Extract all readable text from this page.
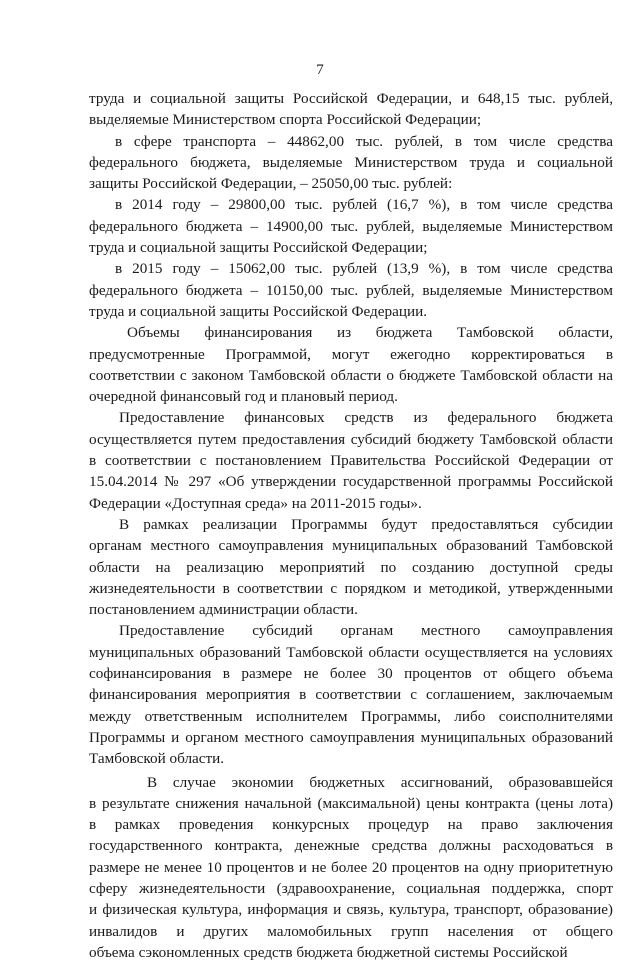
7
труда и социальной защиты Российской Федерации, и 648,15 тыс. рублей,
выделяемые Министерством спорта Российской Федерации;
в сфере транспорта – 44862,00 тыс. рублей, в том числе средства
федерального бюджета, выделяемые Министерством труда и социальной
защиты Российской Федерации, – 25050,00 тыс. рублей:
в 2014 году – 29800,00 тыс. рублей (16,7 %), в том числе средства
федерального бюджета – 14900,00 тыс. рублей, выделяемые Министерством
труда и социальной защиты Российской Федерации;
в 2015 году – 15062,00 тыс. рублей (13,9 %), в том числе средства
федерального бюджета – 10150,00 тыс. рублей, выделяемые Министерством
труда и социальной защиты Российской Федерации.
Объемы финансирования из бюджета Тамбовской области,
предусмотренные Программой, могут ежегодно корректироваться в
соответствии с законом Тамбовской области о бюджете Тамбовской области на
очередной финансовый год и плановый период.
Предоставление финансовых средств из федерального бюджета
осуществляется путем предоставления субсидий бюджету Тамбовской области
в соответствии с постановлением Правительства Российской Федерации от
15.04.2014 № 297 «Об утверждении государственной программы Российской
Федерации «Доступная среда» на 2011-2015 годы».
В рамках реализации Программы будут предоставляться субсидии
органам местного самоуправления муниципальных образований Тамбовской
области на реализацию мероприятий по созданию доступной среды
жизнедеятельности в соответствии с порядком и методикой, утвержденными
постановлением администрации области.
Предоставление субсидий органам местного самоуправления
муниципальных образований Тамбовской области осуществляется на условиях
софинансирования в размере не более 30 процентов от общего объема
финансирования мероприятия в соответствии с соглашением, заключаемым
между ответственным исполнителем Программы, либо соисполнителями
Программы и органом местного самоуправления муниципальных образований
Тамбовской области.
В случае экономии бюджетных ассигнований, образовавшейся
в результате снижения начальной (максимальной) цены контракта (цены лота)
в рамках проведения конкурсных процедур на право заключения
государственного контракта, денежные средства должны расходоваться в
размере не менее 10 процентов и не более 20 процентов на одну приоритетную
сферу жизнедеятельности (здравоохранение, социальная поддержка, спорт
и физическая культура, информация и связь, культура, транспорт, образование)
инвалидов и других маломобильных групп населения от общего
объема сэкономленных средств бюджета бюджетной системы Российской
